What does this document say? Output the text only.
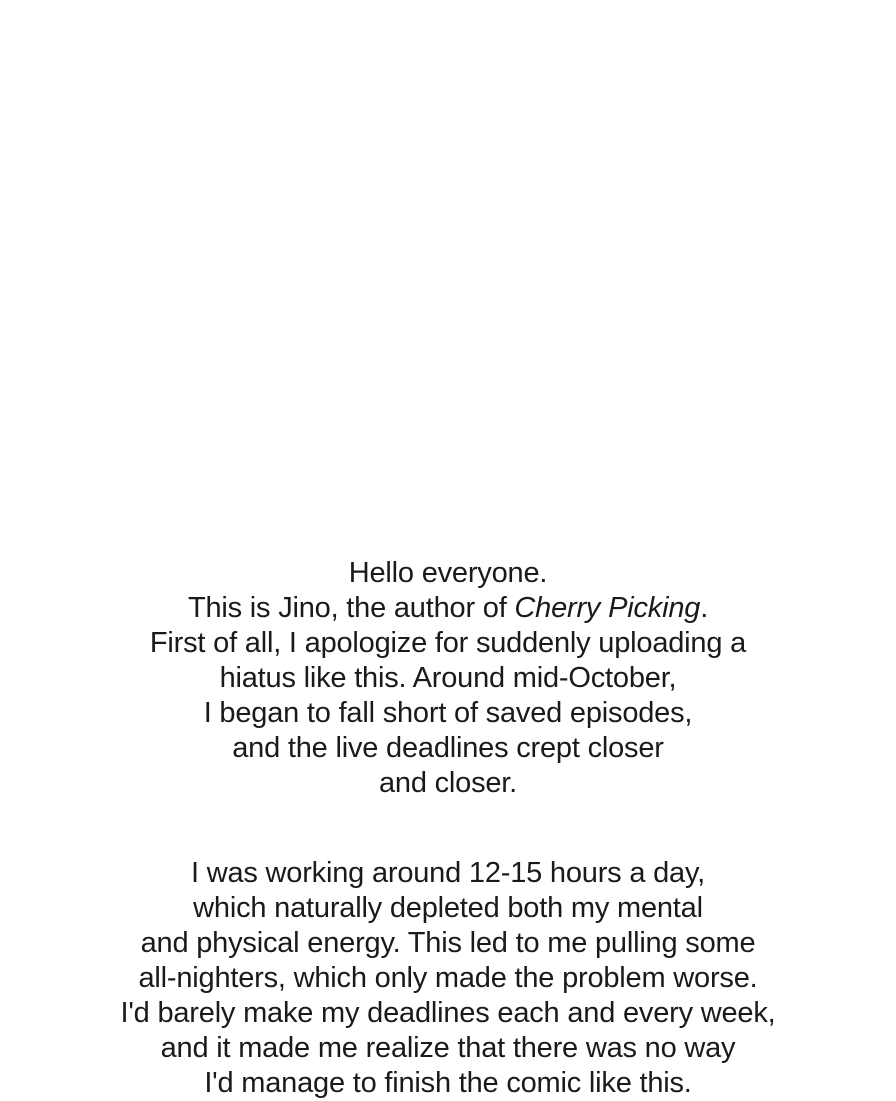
Hello everyone.
This is Jino, the author of Cherry Picking.
First of all, I apologize for suddenly uploading a
hiatus like this. Around mid-October,
I began to fall short of saved episodes,
and the live deadlines crept closer
and closer.
I was working around 12-15 hours a day,
which naturally depleted both my mental
and physical energy. This led to me pulling some
all-nighters, which only made the problem worse.
I'd barely make my deadlines each and every week,
and it made me realize that there was no way
I'd manage to finish the comic like this.
